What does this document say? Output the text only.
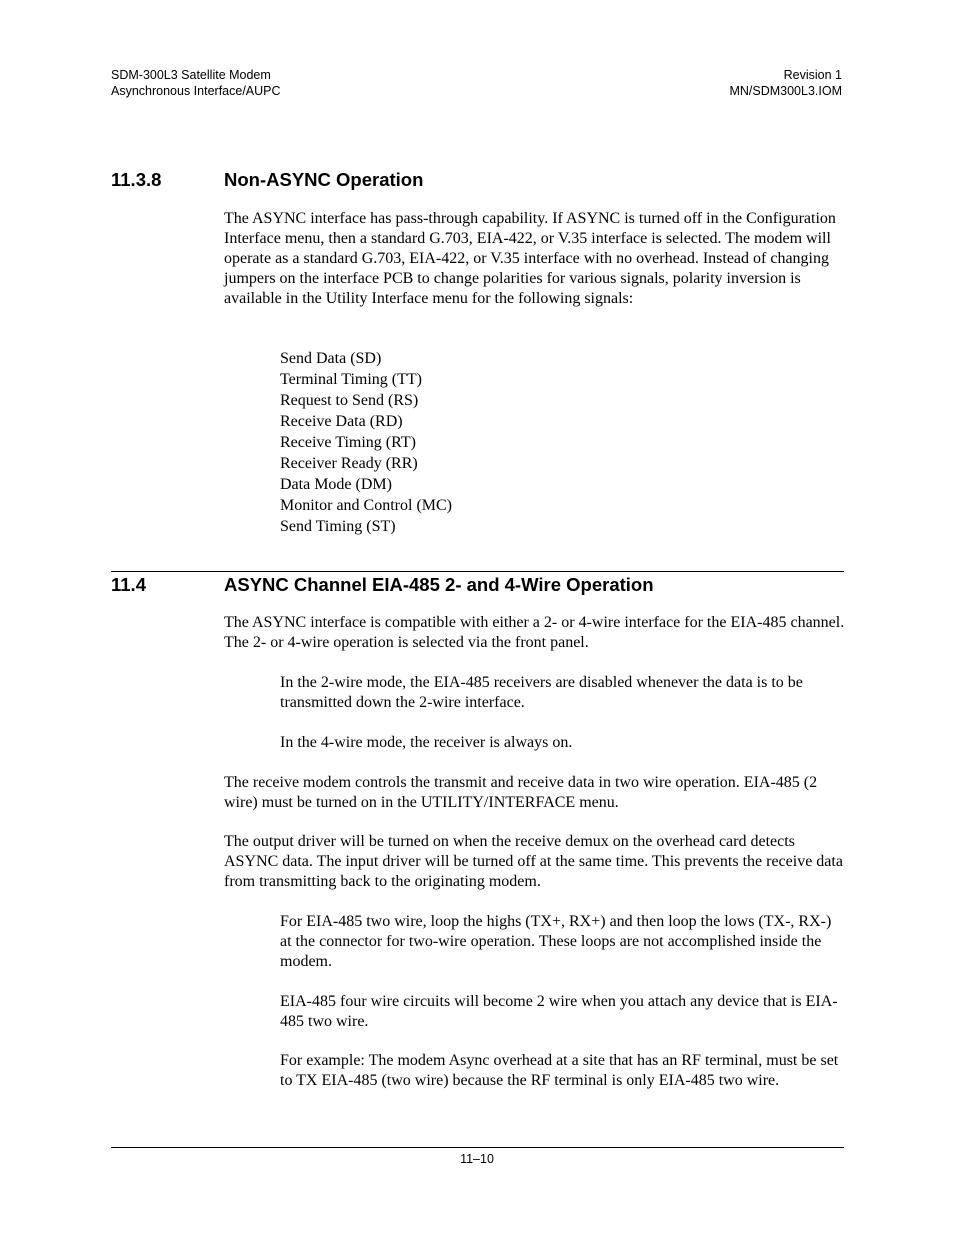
SDM-300L3 Satellite Modem
Asynchronous Interface/AUPC
Revision 1
MN/SDM300L3.IOM
11.3.8	Non-ASYNC Operation

The ASYNC interface has pass-through capability. If ASYNC is turned off in the Configuration Interface menu, then a standard G.703, EIA-422, or V.35 interface is selected. The modem will operate as a standard G.703, EIA-422, or V.35 interface with no overhead. Instead of changing jumpers on the interface PCB to change polarities for various signals, polarity inversion is available in the Utility Interface menu for the following signals:

Send Data (SD)
Terminal Timing (TT)
Request to Send (RS)
Receive Data (RD)
Receive Timing (RT)
Receiver Ready (RR)
Data Mode (DM)
Monitor and Control (MC)
Send Timing (ST)
11.4	ASYNC Channel EIA-485 2- and 4-Wire Operation

The ASYNC interface is compatible with either a 2- or 4-wire interface for the EIA-485 channel. The 2- or 4-wire operation is selected via the front panel.

In the 2-wire mode, the EIA-485 receivers are disabled whenever the data is to be transmitted down the 2-wire interface.

In the 4-wire mode, the receiver is always on.

The receive modem controls the transmit and receive data in two wire operation. EIA-485 (2 wire) must be turned on in the UTILITY/INTERFACE menu.

The output driver will be turned on when the receive demux on the overhead card detects ASYNC data. The input driver will be turned off at the same time. This prevents the receive data from transmitting back to the originating modem.

For EIA-485 two wire, loop the highs (TX+, RX+) and then loop the lows (TX-, RX-) at the connector for two-wire operation. These loops are not accomplished inside the modem.

EIA-485 four wire circuits will become 2 wire when you attach any device that is EIA-485 two wire.

For example: The modem Async overhead at a site that has an RF terminal, must be set to TX EIA-485 (two wire) because the RF terminal is only EIA-485 two wire.

11–10
